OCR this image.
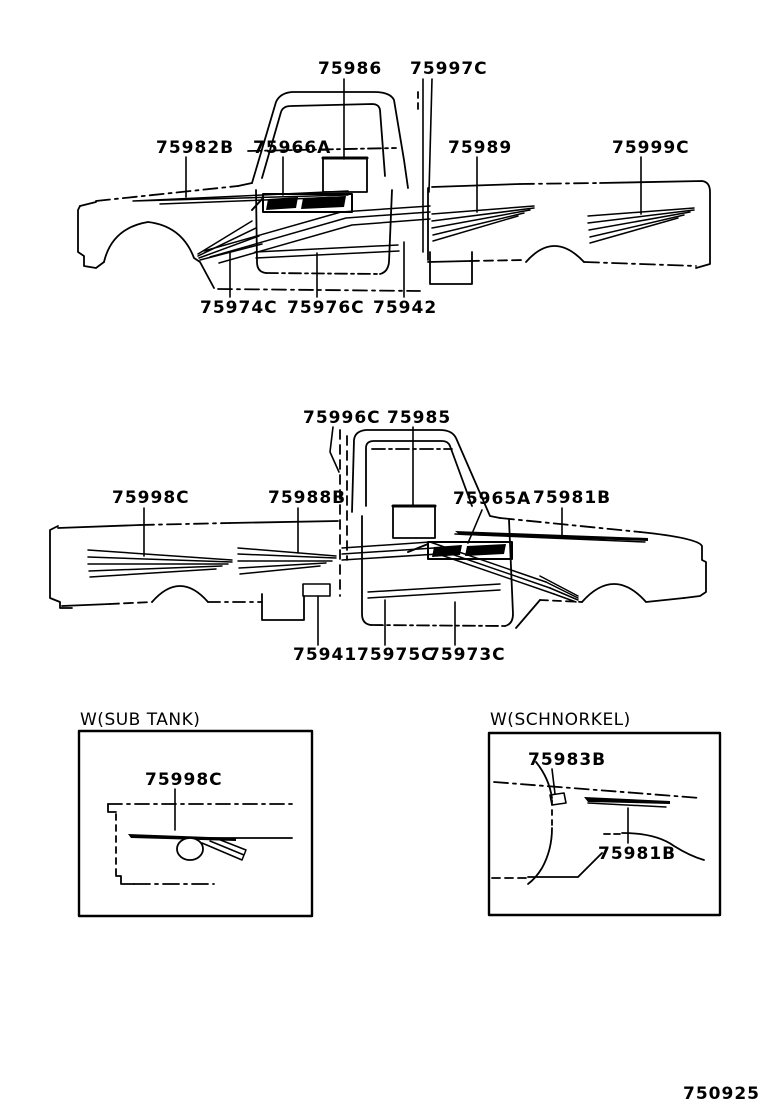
75986 75997C
75982B 75966A	75989	75999C
75974C 75976C 75942
75996C 75985
75998C	75988B	75965A 75981B
75941 75975C
75973C
W(SUB TANK)
75998C
W(SCHNORKEL)
75983B
75981B
750925
